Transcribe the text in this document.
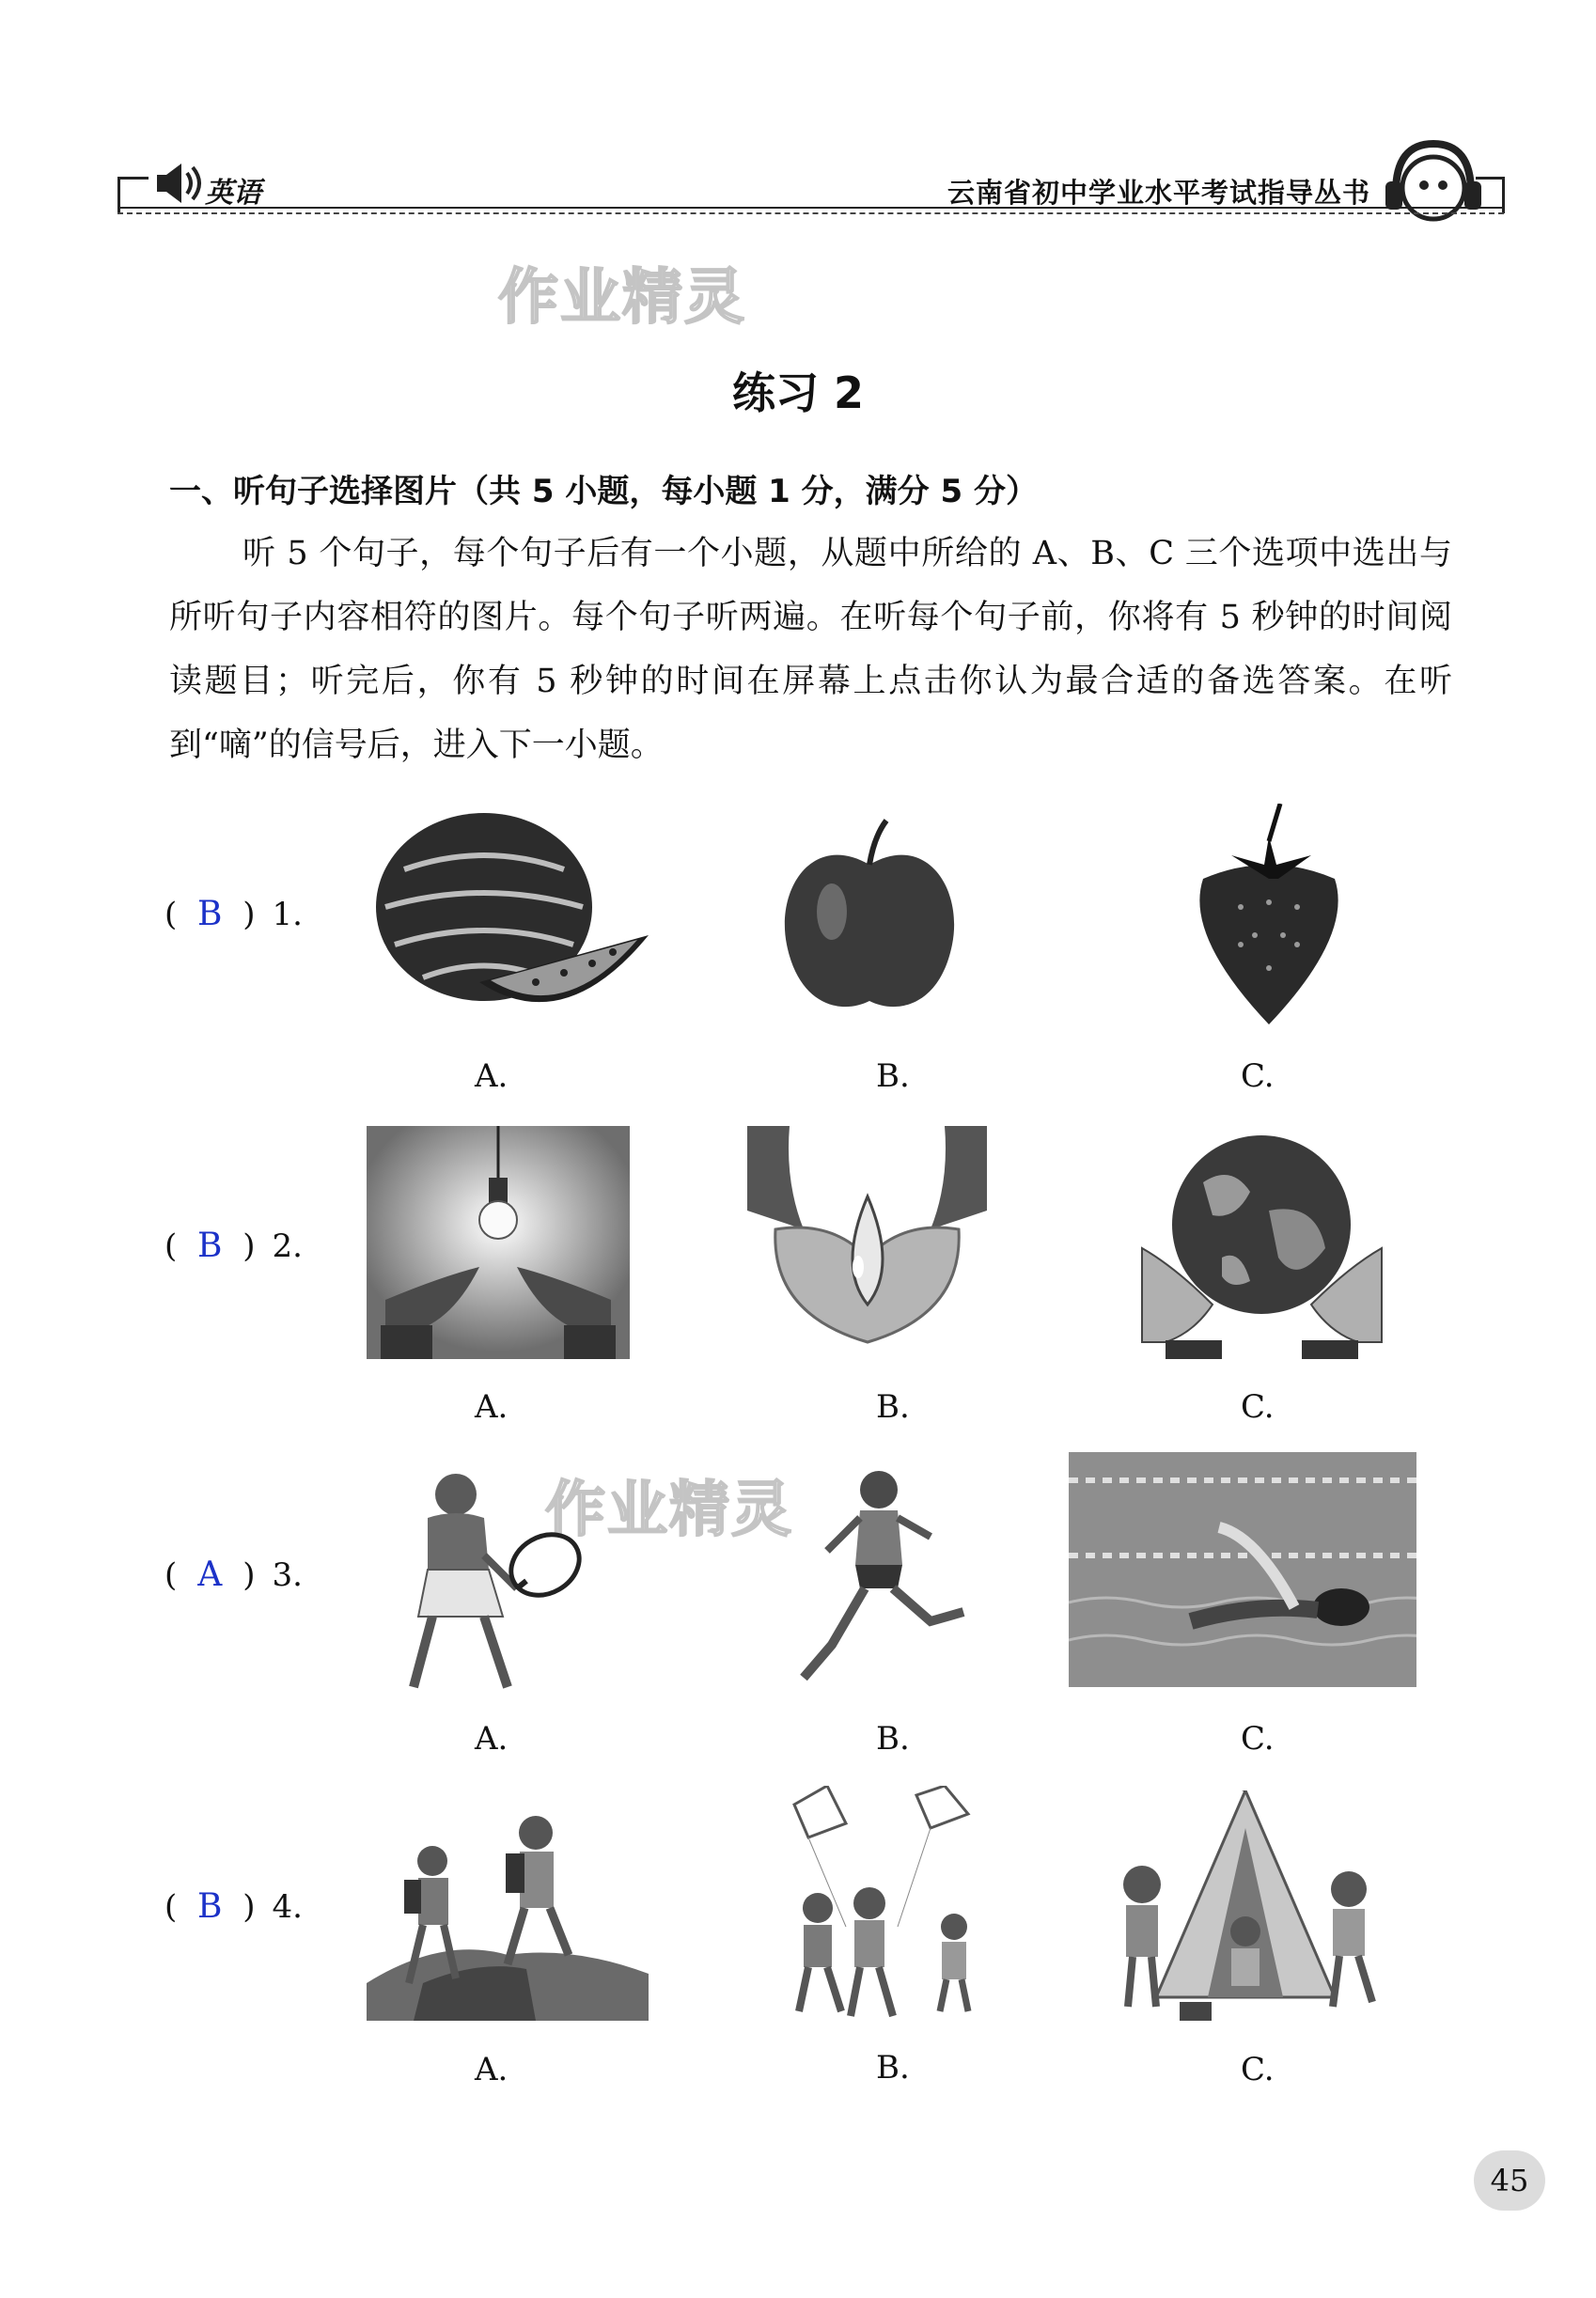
英语	云南省初中学业水平考试指导丛书
作业精灵
作业精灵
练习 2
一、听句子选择图片（共 5 小题，每小题 1 分，满分 5 分）
听 5 个句子，每个句子后有一个小题，从题中所给的 A、B、C 三个选项中选出与所听句子内容相符的图片。每个句子听两遍。在听每个句子前，你将有 5 秒钟的时间阅读题目；听完后，你有 5 秒钟的时间在屏幕上点击你认为最合适的备选答案。在听到“嘀”的信号后，进入下一小题。
( B ) 1.
A.	B.	C.
( B ) 2.
A.	B.	C.
( A ) 3.
A.	B.	C.
( B ) 4.
A.	B.	C.
45
